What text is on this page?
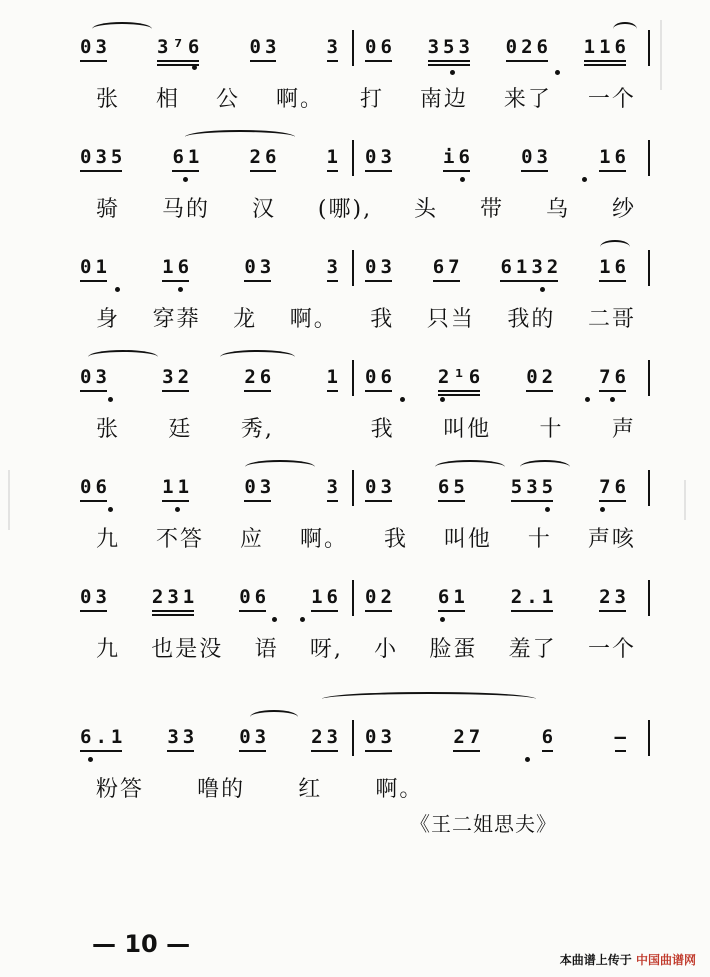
03 3⁷6 03 3 06 353 026 116
张 相 公 啊。 打 南边 来了 一个
035 61 26 1 03 i6 03 16
骑 马的 汉 (哪), 头 带 乌 纱
01	16	03	3 03 67 6132 16
身 穿莽 龙 啊。 我 只当 我的 二哥
03	32	26	1 06 2¹6 02 76
张 廷 秀,	我 叫他 十 声
06	11	03	3 03 65 535 76
九 不答 应 啊。 我 叫他 十 声咳
03 231 06 16 02 61 2.1 23
九 也是没 语 呀, 小 脸蛋 羞了 一个
6.1 33 03 23 03	27	6	—
粉答 噜的 红 啊。
《王二姐思夫》
— 10 —
本曲谱上传于 中国曲谱网
